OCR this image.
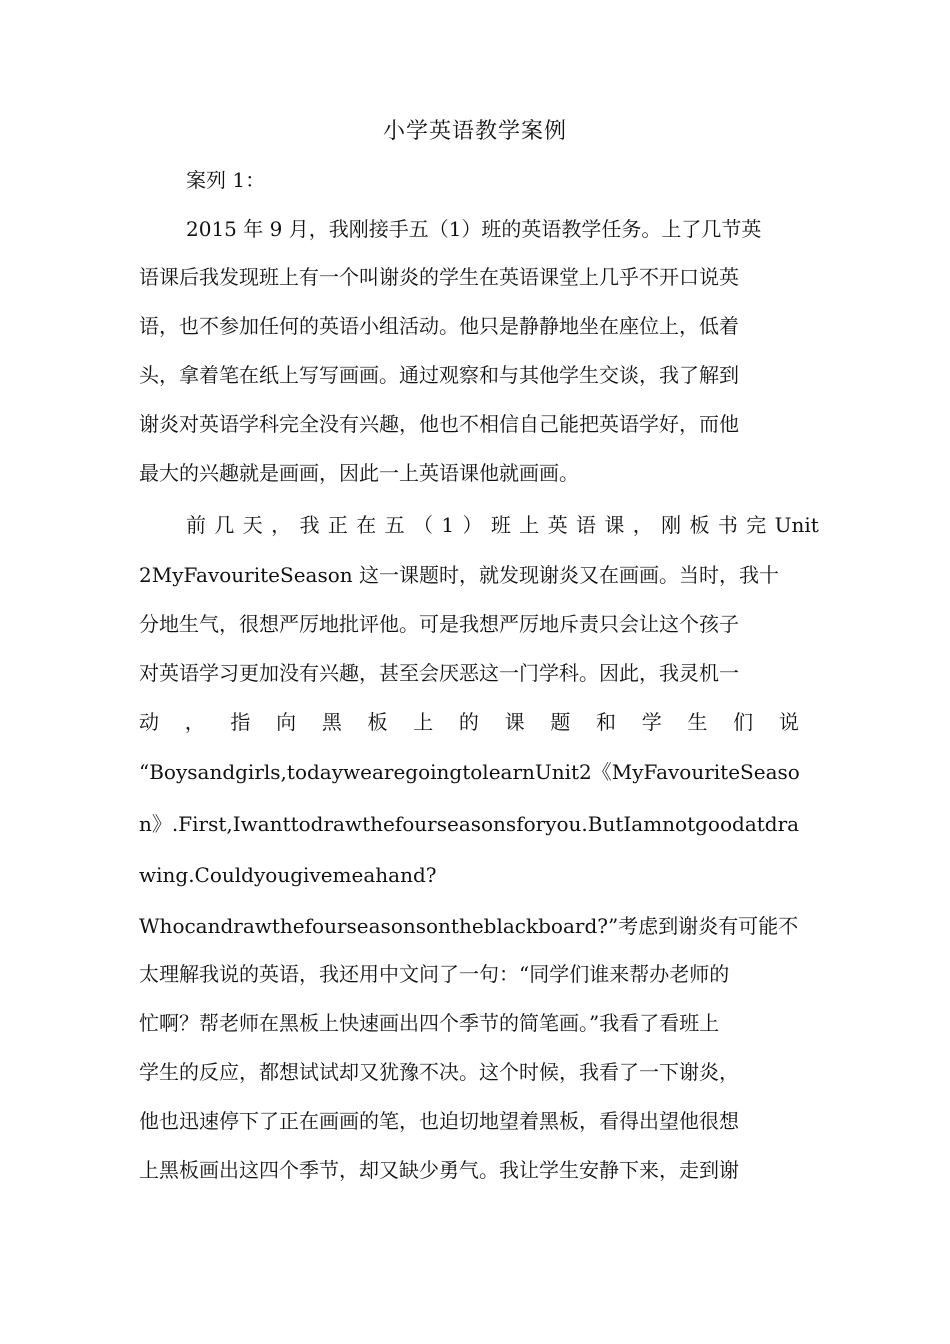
小学英语教学案例
案列 1：
2015 年 9 月，我刚接手五（1）班的英语教学任务。上了几节英
语课后我发现班上有一个叫谢炎的学生在英语课堂上几乎不开口说英
语，也不参加任何的英语小组活动。他只是静静地坐在座位上，低着
头，拿着笔在纸上写写画画。通过观察和与其他学生交谈，我了解到
谢炎对英语学科完全没有兴趣，他也不相信自己能把英语学好，而他
最大的兴趣就是画画，因此一上英语课他就画画。
前 几 天 ， 我 正 在 五 （ 1 ） 班 上 英 语 课 ， 刚 板 书 完 Unit
2MyFavouriteSeason 这一课题时，就发现谢炎又在画画。当时，我十
分地生气，很想严厉地批评他。可是我想严厉地斥责只会让这个孩子
对英语学习更加没有兴趣，甚至会厌恶这一门学科。因此，我灵机一
动 ， 指 向 黑 板 上 的 课 题 和 学 生 们 说
“Boysandgirls,todaywearegoingtolearnUnit2《MyFavouriteSeaso
n》.First,Iwanttodrawthefourseasonsforyou.ButIamnotgoodatdra
wing.Couldyougivemeahand?
Whocandrawthefourseasonsontheblackboard?”考虑到谢炎有可能不
太理解我说的英语，我还用中文问了一句：“同学们谁来帮办老师的
忙啊？帮老师在黑板上快速画出四个季节的简笔画。”我看了看班上
学生的反应，都想试试却又犹豫不决。这个时候，我看了一下谢炎，
他也迅速停下了正在画画的笔，也迫切地望着黑板，看得出望他很想
上黑板画出这四个季节，却又缺少勇气。我让学生安静下来，走到谢
